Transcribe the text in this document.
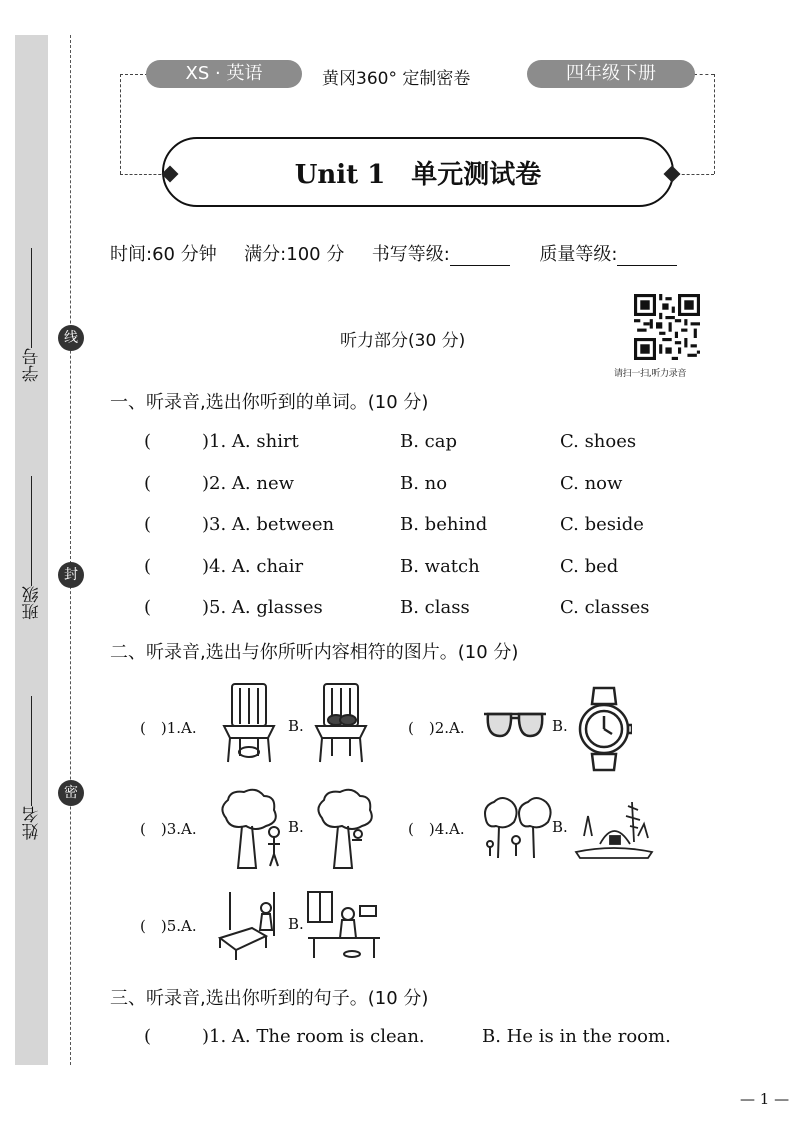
学号
班级
姓名
线
封
密
XS · 英语	黄冈360° 定制密卷	四年级下册
Unit 1　单元测试卷
时间:60 分钟 满分:100 分 书写等级:	质量等级:
听力部分(30 分)
请扫一扫,听力录音
一、听录音,选出你听到的单词。(10 分)
(	)1. A. shirt	B. cap	C. shoes
(	)2. A. new	B. no	C. now
(	)3. A. between	B. behind	C. beside
(	)4. A. chair	B. watch	C. bed
(	)5. A. glasses	B. class	C. classes
二、听录音,选出与你所听内容相符的图片。(10 分)
(　)1.A.	B.	(　)2.A.	B.
(　)3.A.	B.	(　)4.A.	B.
(　)5.A.	B.
三、听录音,选出你听到的句子。(10 分)
(	)1. A. The room is clean.	B. He is in the room.
— 1 —
